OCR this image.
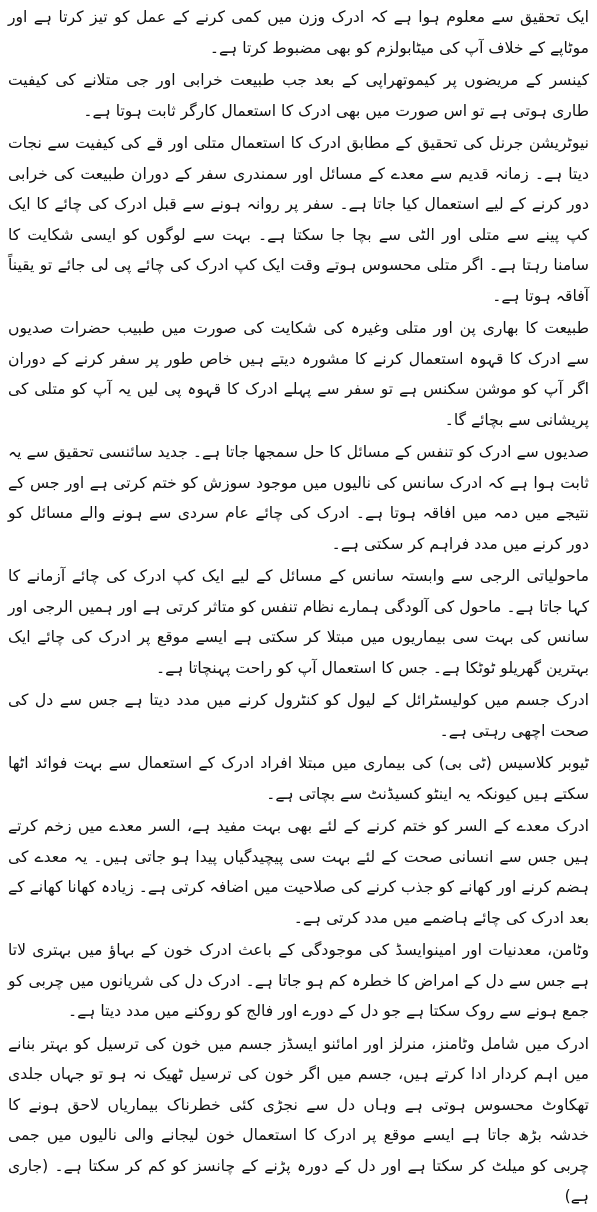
ایک تحقیق سے معلوم ہوا ہے کہ ادرک وزن میں کمی کرنے کے عمل کو تیز کرتا ہے اور موٹاپے کے خلاف آپ کی میٹابولزم کو بھی مضبوط کرتا ہے۔

کینسر کے مریضوں پر کیموتھراپی کے بعد جب طبیعت خرابی اور جی متلانے کی کیفیت طاری ہوتی ہے تو اس صورت میں بھی ادرک کا استعمال کارگر ثابت ہوتا ہے۔

نیوٹریشن جرنل کی تحقیق کے مطابق ادرک کا استعمال متلی اور قے کی کیفیت سے نجات دیتا ہے۔ زمانہ قدیم سے معدے کے مسائل اور سمندری سفر کے دوران طبیعت کی خرابی دور کرنے کے لیے استعمال کیا جاتا ہے۔ سفر پر روانہ ہونے سے قبل ادرک کی چائے کا ایک کپ پینے سے متلی اور الٹی سے بچا جا سکتا ہے۔ بہت سے لوگوں کو ایسی شکایت کا سامنا رہتا ہے۔ اگر متلی محسوس ہوتے وقت ایک کپ ادرک کی چائے پی لی جائے تو یقیناً آفاقہ ہوتا ہے۔

طبیعت کا بھاری پن اور متلی وغیرہ کی شکایت کی صورت میں طبیب حضرات صدیوں سے ادرک کا قہوہ استعمال کرنے کا مشورہ دیتے ہیں خاص طور پر سفر کرنے کے دوران اگر آپ کو موشن سکنس ہے تو سفر سے پہلے ادرک کا قہوہ پی لیں یہ آپ کو متلی کی پریشانی سے بچائے گا۔

صدیوں سے ادرک کو تنفس کے مسائل کا حل سمجھا جاتا ہے۔ جدید سائنسی تحقیق سے یہ ثابت ہوا ہے کہ ادرک سانس کی نالیوں میں موجود سوزش کو ختم کرتی ہے اور جس کے نتیجے میں دمہ میں افاقہ ہوتا ہے۔ ادرک کی چائے عام سردی سے ہونے والے مسائل کو دور کرنے میں مدد فراہم کر سکتی ہے۔

ماحولیاتی الرجی سے وابستہ سانس کے مسائل کے لیے ایک کپ ادرک کی چائے آزمانے کا کہا جاتا ہے۔ ماحول کی آلودگی ہمارے نظام تنفس کو متاثر کرتی ہے اور ہمیں الرجی اور سانس کی بہت سی بیماریوں میں مبتلا کر سکتی ہے ایسے موقع پر ادرک کی چائے ایک بہترین گھریلو ٹوٹکا ہے۔ جس کا استعمال آپ کو راحت پہنچاتا ہے۔

ادرک جسم میں کولیسٹرائل کے لیول کو کنٹرول کرنے میں مدد دیتا ہے جس سے دل کی صحت اچھی رہتی ہے۔

ٹیوبر کلاسیس (ٹی بی) کی بیماری میں مبتلا افراد ادرک کے استعمال سے بہت فوائد اٹھا سکتے ہیں کیونکہ یہ اینٹو کسیڈنٹ سے بچاتی ہے۔

ادرک معدے کے السر کو ختم کرنے کے لئے بھی بہت مفید ہے، السر معدے میں زخم کرتے ہیں جس سے انسانی صحت کے لئے بہت سی پیچیدگیاں پیدا ہو جاتی ہیں۔ یہ معدے کی ہضم کرنے اور کھانے کو جذب کرنے کی صلاحیت میں اضافہ کرتی ہے۔ زیادہ کھانا کھانے کے بعد ادرک کی چائے ہاضمے میں مدد کرتی ہے۔

وٹامن، معدنیات اور امینوایسڈ کی موجودگی کے باعث ادرک خون کے بہاؤ میں بہتری لاتا ہے جس سے دل کے امراض کا خطرہ کم ہو جاتا ہے۔ ادرک دل کی شریانوں میں چربی کو جمع ہونے سے روک سکتا ہے جو دل کے دورے اور فالج کو روکنے میں مدد دیتا ہے۔

ادرک میں شامل وٹامنز، منرلز اور امائنو ایسڈز جسم میں خون کی ترسیل کو بہتر بنانے میں اہم کردار ادا کرتے ہیں، جسم میں اگر خون کی ترسیل ٹھیک نہ ہو تو جہاں جلدی تھکاوٹ محسوس ہوتی ہے وہاں دل سے نجڑی کئی خطرناک بیماریاں لاحق ہونے کا خدشہ بڑھ جاتا ہے ایسے موقع پر ادرک کا استعمال خون لیجانے والی نالیوں میں جمی چربی کو میلٹ کر سکتا ہے اور دل کے دورہ پڑنے کے چانسز کو کم کر سکتا ہے۔ (جاری ہے)
